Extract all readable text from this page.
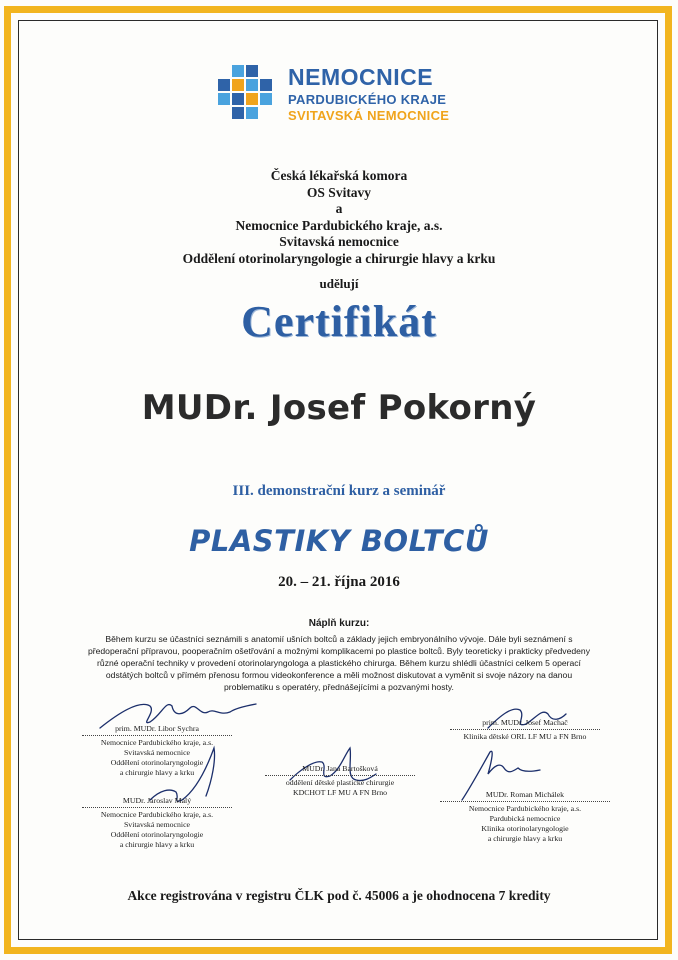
NEMOCNICE
PARDUBICKÉHO KRAJE
SVITAVSKÁ NEMOCNICE
Česká lékařská komora
OS Svitavy
a
Nemocnice Pardubického kraje, a.s.
Svitavská nemocnice
Oddělení otorinolaryngologie a chirurgie hlavy a krku
udělují
Certifikát
MUDr. Josef Pokorný
III. demonstrační kurz a seminář
PLASTIKY BOLTCŮ
20. – 21. října 2016
Náplň kurzu:
Během kurzu se účastníci seznámili s anatomií ušních boltců a základy jejich embryonálního vývoje. Dále byli seznámení s předoperační přípravou, pooperačním ošetřování a možnými komplikacemi po plastice boltců. Byly teoreticky i prakticky předvedeny různé operační techniky v provedení otorinolaryngologa a plastického chirurga. Během kurzu shlédli účastníci celkem 5 operací odstátých boltců v přímém přenosu formou videokonference a měli možnost diskutovat a vyměnit si svoje názory na danou problematiku s operatéry, přednášejícími a pozvanými hosty.
prim. MUDr. Libor Sychra
Nemocnice Pardubického kraje, a.s.
Svitavská nemocnice
Oddělení otorinolaryngologie
a chirurgie hlavy a krku
prim. MUDr. Josef Machač
Klinika dětské ORL LF MU a FN Brno
MUDr. Jana Bartošková
oddělení dětské plastické chirurgie
KDCHOT LF MU A FN Brno
MUDr. Jaroslav Malý
Nemocnice Pardubického kraje, a.s.
Svitavská nemocnice
Oddělení otorinolaryngologie
a chirurgie hlavy a krku
MUDr. Roman Michálek
Nemocnice Pardubického kraje, a.s.
Pardubická nemocnice
Klinika otorinolaryngologie
a chirurgie hlavy a krku
Akce registrována v registru ČLK pod č. 45006 a je ohodnocena 7 kredity
